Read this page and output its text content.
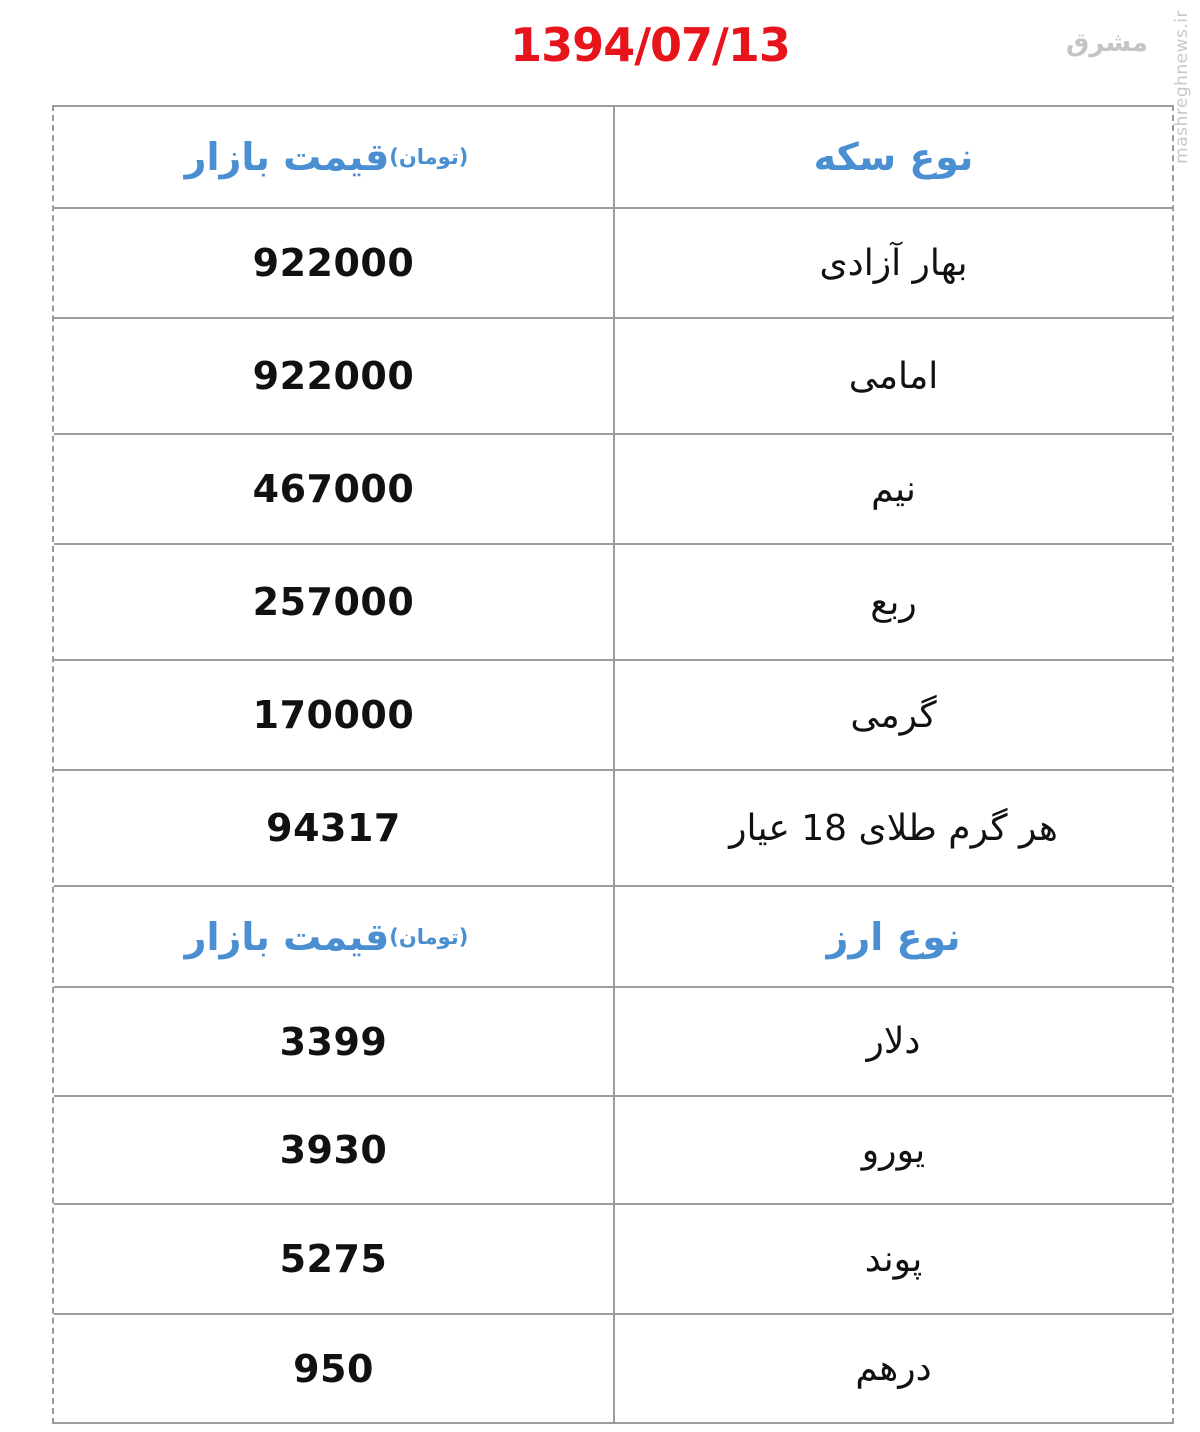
1394/07/13	مشرق mashreghnews.ir
نوع سکه
قیمت بازار (تومان)
بهار آزادی
922000
امامی
922000
نیم
467000
ربع
257000
گرمی
170000
هر گرم طلای 18 عیار
94317
نوع ارز
قیمت بازار (تومان)
دلار
3399
یورو
3930
پوند
5275
درهم
950
